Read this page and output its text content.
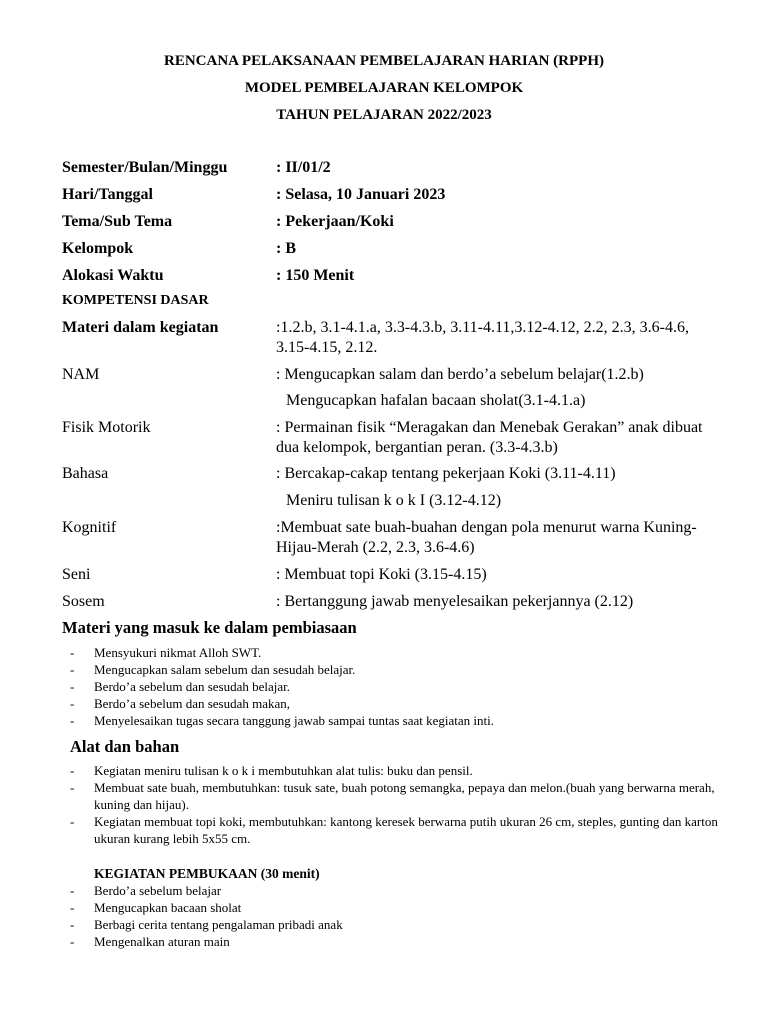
RENCANA PELAKSANAAN PEMBELAJARAN HARIAN (RPPH)
MODEL PEMBELAJARAN KELOMPOK
TAHUN PELAJARAN 2022/2023
Semester/Bulan/Minggu	: II/01/2
Hari/Tanggal	: Selasa, 10 Januari 2023
Tema/Sub Tema	: Pekerjaan/Koki
Kelompok	: B
Alokasi Waktu	: 150 Menit
KOMPETENSI DASAR
Materi dalam kegiatan	:1.2.b, 3.1-4.1.a, 3.3-4.3.b, 3.11-4.11,3.12-4.12, 2.2, 2.3, 3.6-4.6, 3.15-4.15, 2.12.
NAM	: Mengucapkan salam dan berdo’a sebelum belajar(1.2.b)
Mengucapkan hafalan bacaan sholat(3.1-4.1.a)
Fisik Motorik	: Permainan fisik “Meragakan dan Menebak Gerakan” anak dibuat dua kelompok, bergantian peran. (3.3-4.3.b)
Bahasa	: Bercakap-cakap tentang pekerjaan Koki (3.11-4.11)
Meniru tulisan k o k I (3.12-4.12)
Kognitif	:Membuat sate buah-buahan dengan pola menurut warna Kuning-Hijau-Merah (2.2, 2.3, 3.6-4.6)
Seni	: Membuat topi Koki (3.15-4.15)
Sosem	: Bertanggung jawab menyelesaikan pekerjannya (2.12)
Materi yang masuk ke dalam pembiasaan
- Mensyukuri nikmat Alloh SWT.
- Mengucapkan salam sebelum dan sesudah belajar.
- Berdo’a sebelum dan sesudah belajar.
- Berdo’a sebelum dan sesudah makan,
- Menyelesaikan tugas secara tanggung jawab sampai tuntas saat kegiatan inti.
Alat dan bahan
- Kegiatan meniru tulisan k o k i membutuhkan alat tulis: buku dan pensil.
- Membuat sate buah, membutuhkan: tusuk sate, buah potong semangka, pepaya dan melon.(buah yang berwarna merah, kuning dan hijau).
- Kegiatan membuat topi koki, membutuhkan: kantong keresek berwarna putih ukuran 26 cm, steples, gunting dan karton ukuran kurang lebih 5x55 cm.
KEGIATAN PEMBUKAAN (30 menit)
- Berdo’a sebelum belajar
- Mengucapkan bacaan sholat
- Berbagi cerita tentang pengalaman pribadi anak
- Mengenalkan aturan main
